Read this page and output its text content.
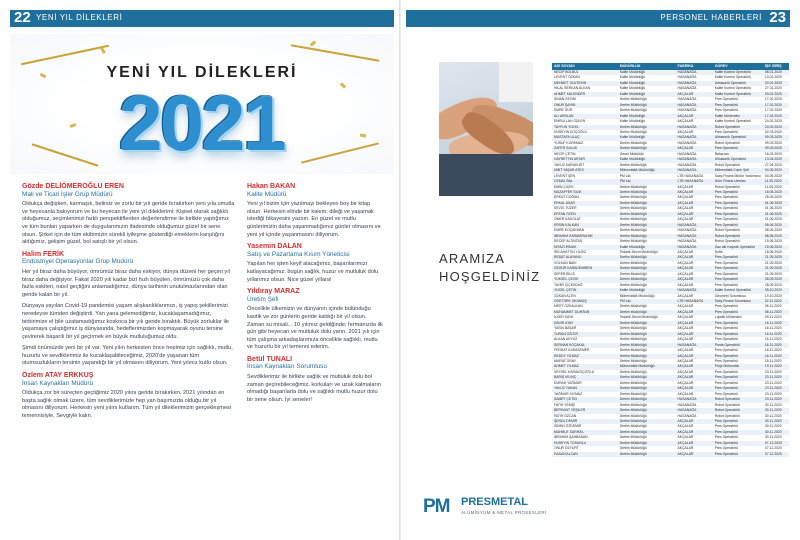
22 YENİ YIL DİLEKLERİ
YENİ YIL DİLEKLERİ
2021
Gözde DELİÖMEROĞLU EREN
Mali ve Ticari İşler Grup Müdürü

Oldukça değişken, karmaşık, belirsiz ve zorlu bir yılı geride bırakırken yeni yıla umutla ve heyecanla bakıyorum ve bu heyecan ile yeni yıl dileklerimi; Kişisel olarak sağlıklı olduğumuz, seçimlerimizi farklı perspektiflerden değerlendirme ile birlikte yaptığımız ve tüm bunları yaparken de duygularımızın ifadesinde olduğumuz güzel bir sene olsun. Şirket için de tüm ekibimizin sürekli iyileşme gösterdiği emeklerin karşılığını aldığımız, gelişim güzel, bol satışlı bir yıl olsun.

Halim FERİK
Endüstriyel Operasyonlar Grup Müdürü

Her yıl biraz daha büyüyor, ömrümüz biraz daha eskiyor, dünya düzeni her geçen yıl biraz daha değişiyor. Fakat 2020 yılı kadar bizi hızlı büyüten, ömrümüzü çok daha fazla eskiten, nasıl geçtiğini anlamadığımız, dünya tarihinin unutulmazlarından olan geride kalan bir yıl.

Dünyaya yayılan Covid-19 pandemisi yaşam alışkanlıklarımızı, iş yapış şekillerimizi neredeyse tümden değiştirdi. Yan yana gelemediğimiz, kucaklaşamadığımız, birbirimize el bile uzatamadığımız koskoca bir yılı geride bıraktık. Büyük zorluklar ile yaşamaya çalıştığımız iş dünyasında, hedeflerimizden kopmayarak oyunu tersine çevirerek başarılı bir yıl geçirmek en büyük mutluluğumuz oldu.

Şimdi önümüzde yeni bir yıl var. Yeni yılın herkesten önce hepimiz için sağlıklı, mutlu, huzurlu ve sevdiklerimiz ile kucaklaşabileceğimiz, 2020'de yaşanan tüm olumsuzlukların tersinin yaşandığı bir yıl olmasını diliyorum. Yeni yılınız kutlu olsun.

Özlem ATAY ERKKUŞ
İnsan Kaynakları Müdürü

Oldukça zor bir süreçten geçtiğimiz 2020 yılını geride bırakırken, 2021 yılından en başta sağlık olmak üzere, tüm sevdiklerimizle hep yan başımızda olduğu bir yıl olmasını diliyorum. Herkesin yeni yılını kutlarım. Tüm yıl dileklerimizin gerçekleşmesi temennisiyle, Sevgiyle kalın.

Hakan BAKAN
Kalite Müdürü

Yeni yıl bizim için yazılmayı bekleyen boş bir kitap olsun. Herkesin elinde bir kalem; dileği ve yaşamak istediği hikayesini yazsın. En güzel ve mutlu günlerimizin daha yaşanmadığımız günler olmasını ve yeni yıl içinde yaşanmasını diliyorum.

Yasemin DALAN
Satış ve Pazarlama Kısım Yöneticisi

Yapılan her işten keyif alacağımız, başarılarımızı katlayacağımız, bugün sağlık, huzur ve mutluluk dolu yıllarımız olsun. Nice güzel yıllara!

Yıldıray MARAZ
Üretim Şefi

Öncelikle ülkemizin ve dünyanın içinde bulunduğu kaotik ve zor günlerin geride kaldığı bir yıl olsun. Zaman su misali... 10 yılımız geldiğinde; fermanızda ilk gün gibi heyecan ve mutluluk dolu yarın. 2021 yılı için tüm çalışma arkadaşlarımıza öncelikle sağlıklı, mutlu ve huzurlu bir yıl temenni ederim.

Betül TUNALI
İnsan Kaynakları Sorumlusu

Sevdiklerimiz ile birlikte sağlık ve mutluluk dolu bol zaman geçirebileceğimiz, korkuları ve uzak kalmaların olmadığı başarılarla dolu ve sağlıklı mutlu huzur dolu bir sene olsun. İyi seneler!

PERSONEL HABERLERİ 23
ARAMIZA HOŞGELDİNİZ
PM PRESMETAL
ALÜMİNYUM & METAL PROSESLERİ
ADI SOYADI	MÜDÜRLÜK	FABRİKA	GÖREV	İŞE GİRİŞ
NECİP BOLBUL	Kalite Müdürlüğü	HASANAĞA	Kalite Kontrol Operatörü	08.01.2020
LEVENT ÖZKAN	Kalite Müdürlüğü	HASANAĞA	Kalite Kontrol Operatörü	13.01.2020
MEHMET GÜLTEKİN	Kalite Müdürlüğü	HASANAĞA	Ultrasonik Operatörü	20.01.2020
HİLAL SERKAN ALKAN	Kalite Müdürlüğü	HASANAĞA	Kalite Kontrol Operatörü	27.01.2020
AHMET KALENDER	Kalite Müdürlüğü	AKÇALAR	Kalite Kontrol Operatörü	03.02.2020
SİNAN SEVİM	Üretim Müdürlüğü	HASANAĞA	Pres Operatörü	17.02.2020
ONUR ŞAHİN	Üretim Müdürlüğü	HASANAĞA	Pres Operatörü	17.02.2020
EMRE GÜR	Üretim Müdürlüğü	HASANAĞA	Pres Operatörü	17.02.2020
ALİ ARSLAN	Kalite Müdürlüğü	AKÇALAR	Kalite Mühendisi	17.02.2020
EMRULLAH GÜLEN	Kalite Müdürlüğü	AKÇALAR	Kalite Kontrol Operatörü	24.02.2020
TAYFUN YÜCEL	Üretim Müdürlüğü	HASANAĞA	Robot Operatörü	24.02.2020
HÜSEYİN KOÇOĞLU	Üretim Müdürlüğü	AKÇALAR	Pres Operatörü	02.03.2020
MUSTAFA ULUÇ	Kalite Müdürlüğü	HASANAĞA	Ultrasonik Operatörü	09.03.2020
YUSUF KORKMAZ	Üretim Müdürlüğü	HASANAĞA	Robot Operatörü	09.03.2020
ZAFER SALUK	Üretim Müdürlüğü	AKÇALAR	Pres Operatörü	09.03.2020
NECİP ÇETİN	Genel Müdürlük	HASANAĞA	Bahçıvan	16.03.2020
HAYRETTİN ARTAR	Kalite Müdürlüğü	HASANAĞA	Ultrasonik Operatörü	13.04.2020
YAVUZ KARAKURT	Üretim Müdürlüğü	HASANAĞA	Robot Operatörü	27.04.2020
ÜMİT YAŞAR ATES	Mühendislik Müdürlüğü	HASANAĞA	Mühendislik Kısım Şefi	04.05.2020
LEVENT ŞEN	PM Ltd.	LTB HASANAĞA	Satış Finans Müdür Yardımcısı	04.05.2020
CEMAL BAL	PM Ltd.	LTB HASANAĞA	Ürün Finans Uzmanı	11.05.2020
EMİN ÇİÇEK	Üretim Müdürlüğü	AKÇALAR	Robot Operatörü	11.05.2020
MUZAFFER SİLİK	Üretim Müdürlüğü	AKÇALAR	Pres Operatörü	18.05.2020
ERKUT DOĞAN	Üretim Müdürlüğü	AKÇALAR	Pres Operatörü	25.05.2020
ERKAL ASAR	Üretim Müdürlüğü	AKÇALAR	Pres Operatörü	01.06.2020
SEVGİ TÜZER	Üretim Müdürlüğü	AKÇALAR	Pres Operatörü	01.06.2020
ERTAN ÖZEN	Üretim Müdürlüğü	AKÇALAR	Pres Operatörü	01.06.2020
ÖMER KADOLAT	Üretim Müdürlüğü	AKÇALAR	Pres Operatörü	01.06.2020
ERSİN KALKAN	Üretim Müdürlüğü	HASANAĞA	Pres Operatörü	08.06.2020
EMRE KOÇAKMAN	Üretim Müdürlüğü	HASANAĞA	Robot Operatörü	08.06.2020
İBRAHİM KARAİBRAHİM	Üretim Müdürlüğü	HASANAĞA	Robot Operatörü	08.06.2020
RECEP ALTINTAŞ	Üretim Müdürlüğü	HASANAĞA	Robot Operatörü	15.06.2020
NİYAZİ IRMAK	Kalite Müdürlüğü	HASANAĞA	Gaz altı Kaynak Operatörü	15.06.2020
SELAHATTİN YILDIZ	Tedarik Zinciri Müdürlüğü	AKÇALAR	Şoför	15.06.2020
REŞAT ALAYANLI	Üretim Müdürlüğü	AKÇALAR	Pres Operatörü	21.09.2020
VOLKAN BAKİ	Üretim Müdürlüğü	AKÇALAR	Pres Operatörü	21.09.2020
ÖZGÜR KARADEMİREN	Üretim Müdürlüğü	AKÇALAR	Pres Operatörü	21.09.2020
SEFER BİLGİ	Üretim Müdürlüğü	AKÇALAR	Pres Operatörü	21.09.2020
YÜKSEL ÇEVİK	Üretim Müdürlüğü	AKÇALAR	Pres Operatörü	28.09.2020
TAHİR ÇİÇEKDAĞ	Üretim Müdürlüğü	AKÇALAR	Pres Operatörü	28.09.2020
YÜCEL ÇETİN	Kalite Müdürlüğü	HASANAĞA	Kalite Kontrol Operatörü	05.10.2020
ÖZKAN ALTIN	Mühendislik Müdürlüğü	AKÇALAR	Geometri Sorumlusu	19.10.2020
GÖKTÜRK OKUMUŞ	PM Ltd.	LTB HASANAĞA	Satış Finans Sorumlusu	02.11.2020
MERT ÖZKALKAN	Üretim Müdürlüğü	AKÇALAR	Pres Operatörü	06.11.2020
MUHAMMET DURSUN	Üretim Müdürlüğü	AKÇALAR	Pres Operatörü	06.11.2020
İLKER KAYA	Tedarik Zinciri Müdürlüğü	AKÇALAR	Lojistik Mühendisi	09.11.2020
KADİR ATAY	Üretim Müdürlüğü	AKÇALAR	Pres Operatörü	16.11.2020
YASİN BAŞAR	Üretim Müdürlüğü	AKÇALAR	Pres Operatörü	16.11.2020
TURAN ÖZLER	Üretim Müdürlüğü	AKÇALAR	Pres Operatörü	16.11.2020
ALKAN AKYÜZ	Üretim Müdürlüğü	AKÇALAR	Pres Operatörü	16.11.2020
SERHAN KOÇAKAL	Üretim Müdürlüğü	HASANAĞA	Punta Operatörü	16.11.2020
FERHAT KARASEMER	Üretim Müdürlüğü	AKÇALAR	Pres Operatörü	16.11.2020
REDDY YILMAZ	Üretim Müdürlüğü	AKÇALAR	Pres Operatörü	16.11.2020
MURAT ORAY	Üretim Müdürlüğü	AKÇALAR	Pres Operatörü	18.11.2020
AHMET YILMAZ	Mühendislik Müdürlüğü	AKÇALAR	Proje Mühendisi	19.11.2020
VEYSEL KARAKOÇOĞLU	Üretim Müdürlüğü	AKÇALAR	Pres Operatörü	23.11.2020
BARIŞ KILINÇ	Üretim Müdürlüğü	AKÇALAR	Pres Operatörü	23.11.2020
EMRAH YAĞMUR	Üretim Müdürlüğü	AKÇALAR	Pres Operatörü	23.11.2020
YAVUZ YAKAN	Üretim Müdürlüğü	AKÇALAR	Pres Operatörü	23.11.2020
YAĞMUR KIYMAZ	Üretim Müdürlüğü	AKÇALAR	Pres Operatörü	23.11.2020
SAMET ÇETİN	Üretim Müdürlüğü	HASANAĞA	Robot Operatörü	23.11.2020
FATİH YEMİŞ	Üretim Müdürlüğü	HASANAĞA	Robot Operatörü	30.11.2020
BERKANT YEŞİLER	Üretim Müdürlüğü	HASANAĞA	Robot Operatörü	30.11.2020
FATİH ÖZCAN	Üretim Müdürlüğü	HASANAĞA	Robot Operatörü	30.11.2020
ŞENOL DEMİR	Üretim Müdürlüğü	AKÇALAR	Pres Operatörü	30.11.2020
SEMİH ÖZDEMİR	Üretim Müdürlüğü	AKÇALAR	Pres Operatörü	30.11.2020
MAHMUT SARIKEL	Üretim Müdürlüğü	AKÇALAR	Pres Operatörü	30.11.2020
İBRAHİM ŞAHBABAN	Üretim Müdürlüğü	AKÇALAR	Pres Operatörü	30.11.2020
HÜSEYİN TOSUNLU	Üretim Müdürlüğü	AKÇALAR	Pres Operatörü	07.12.2020
ONUR ÖZYURT	Üretim Müdürlüğü	AKÇALAR	Pres Operatörü	07.12.2020
HASAN ALCAN	Üretim Müdürlüğü	AKÇALAR	Pres Operatörü	07.12.2020
